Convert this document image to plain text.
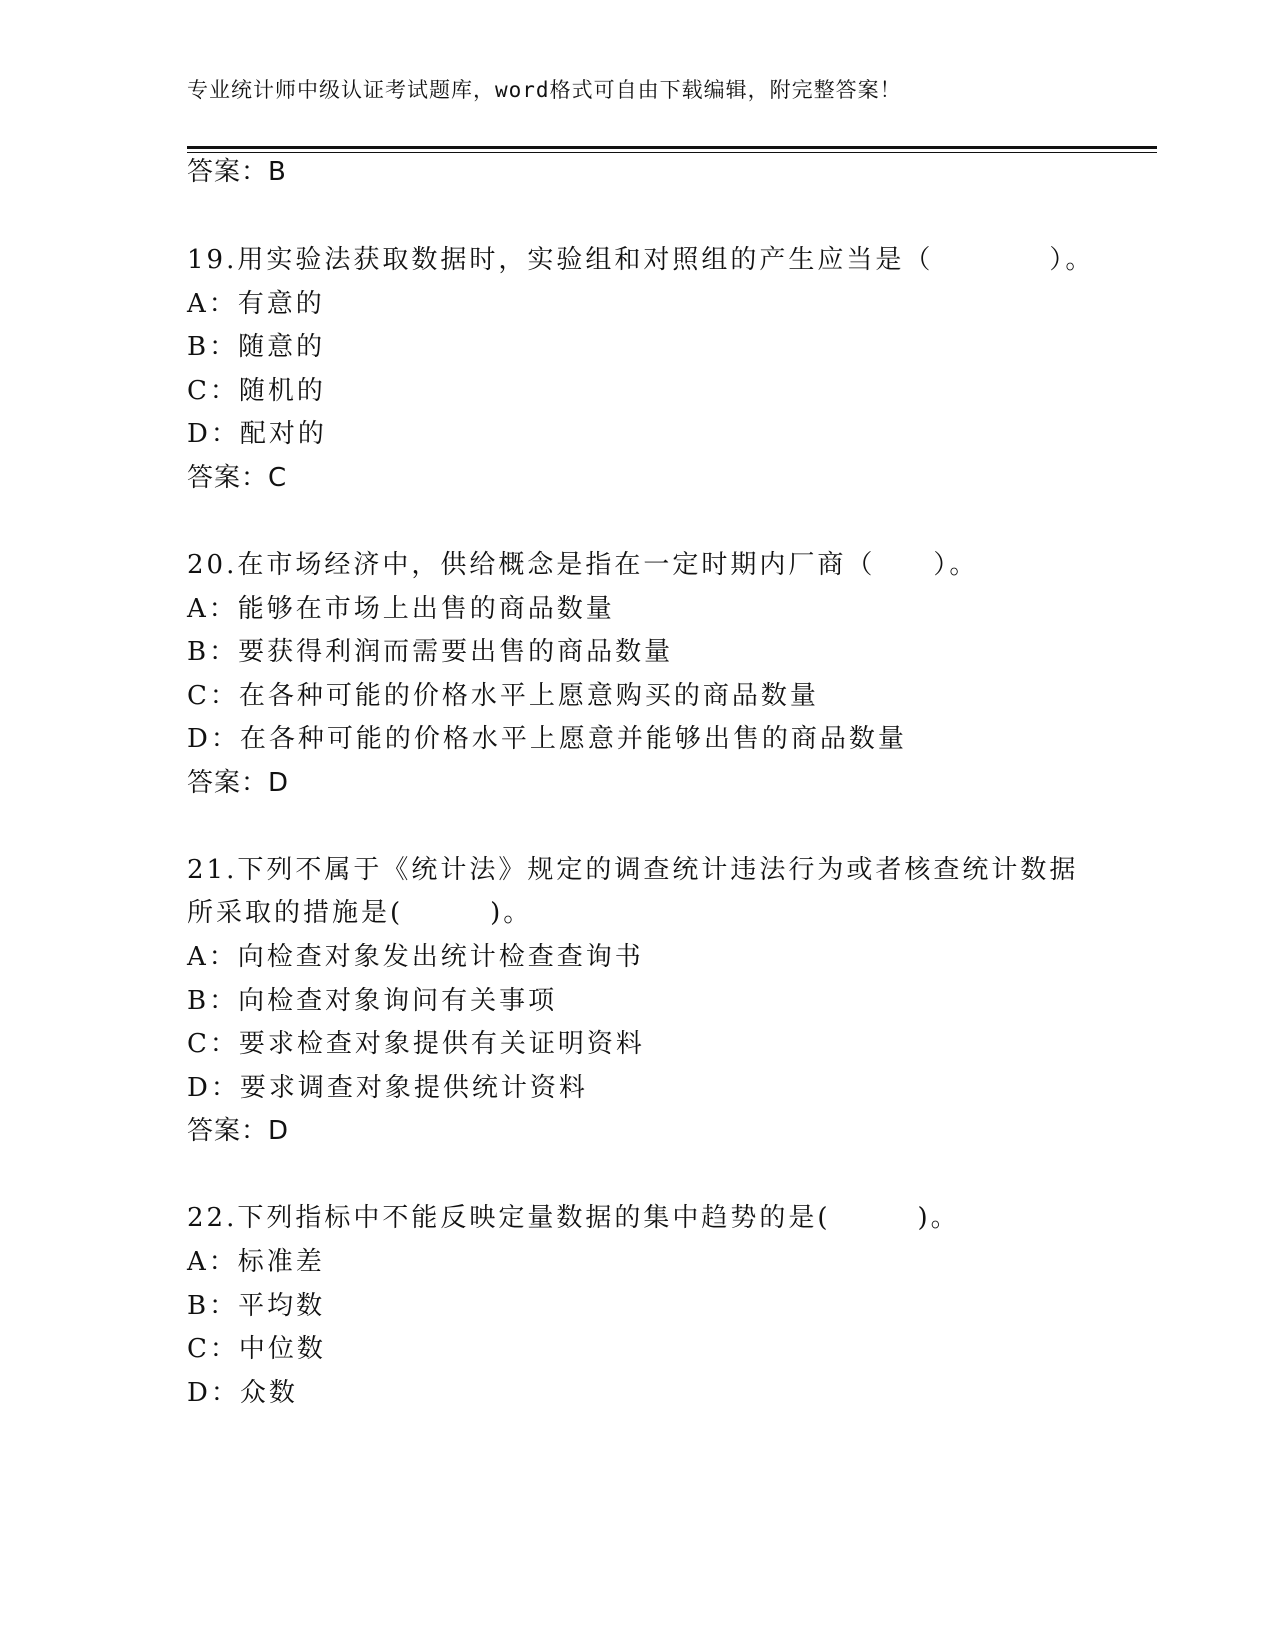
专业统计师中级认证考试题库，word格式可自由下载编辑，附完整答案！
答案：B
19.用实验法获取数据时，实验组和对照组的产生应当是（　　　　）。
A：有意的
B：随意的
C：随机的
D：配对的
答案：C
20.在市场经济中，供给概念是指在一定时期内厂商（　　）。
A：能够在市场上出售的商品数量
B：要获得利润而需要出售的商品数量
C：在各种可能的价格水平上愿意购买的商品数量
D：在各种可能的价格水平上愿意并能够出售的商品数量
答案：D
21.下列不属于《统计法》规定的调查统计违法行为或者核查统计数据
所采取的措施是(　　　)。
A：向检查对象发出统计检查查询书
B：向检查对象询问有关事项
C：要求检查对象提供有关证明资料
D：要求调查对象提供统计资料
答案：D
22.下列指标中不能反映定量数据的集中趋势的是(　　　)。
A：标准差
B：平均数
C：中位数
D：众数
